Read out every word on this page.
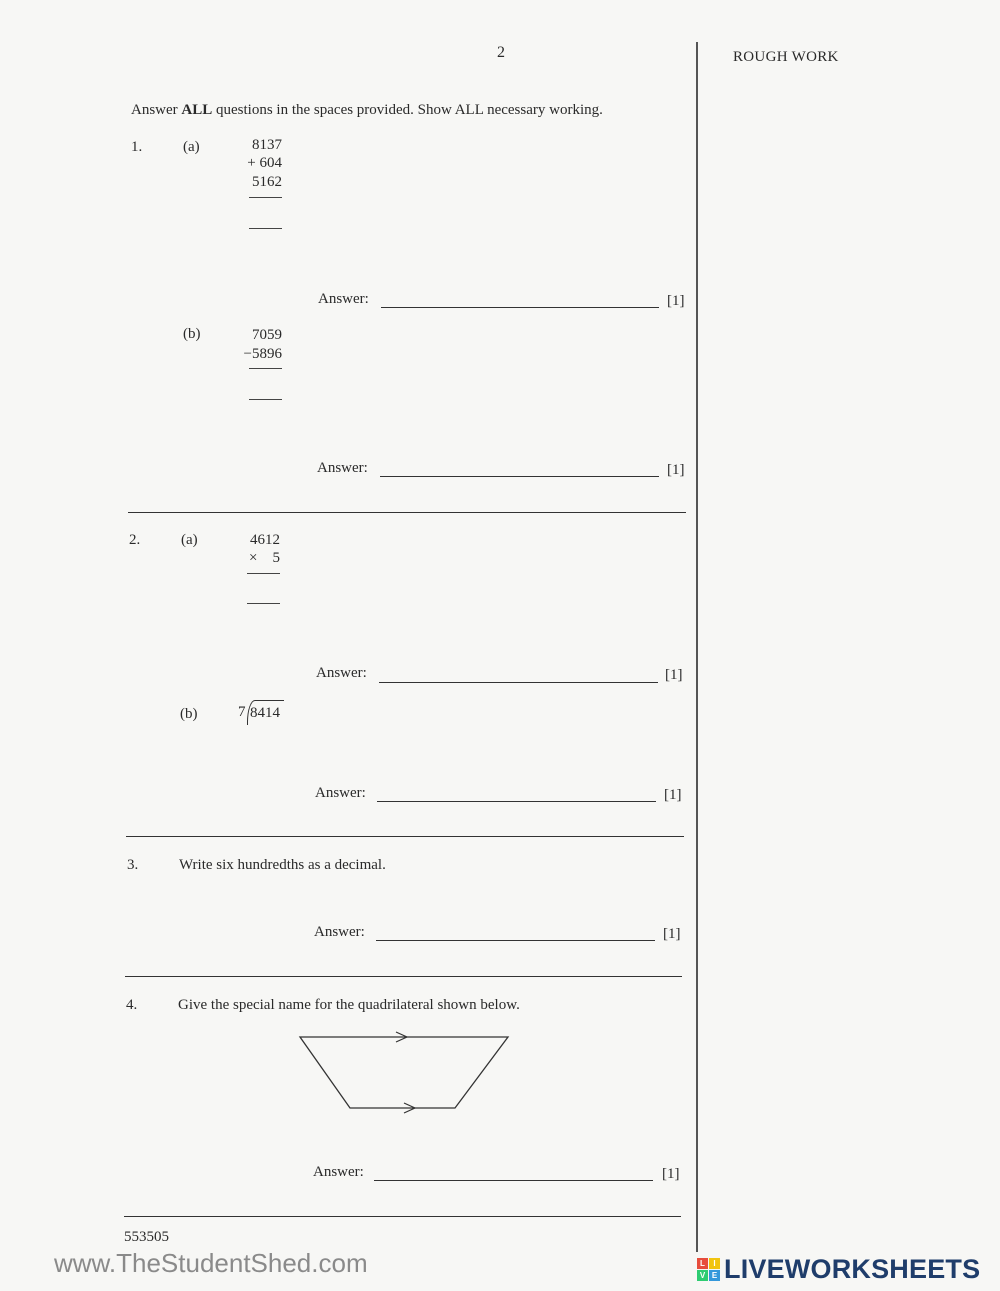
2	ROUGH WORK
Answer ALL questions in the spaces provided. Show ALL necessary working.
1.	(a)	8137
+ 604
5162
Answer:	[1]
(b)	7059
−5896
Answer:	[1]
2.	(a)	4612
×    5
Answer:	[1]
(b)	7 8414
Answer:	[1]
3.	Write six hundredths as a decimal.
Answer:	[1]
4.	Give the special name for the quadrilateral shown below.
Answer:	[1]
553505
www.TheStudentShed.com	L	I
V E LIVEWORKSHEETS
